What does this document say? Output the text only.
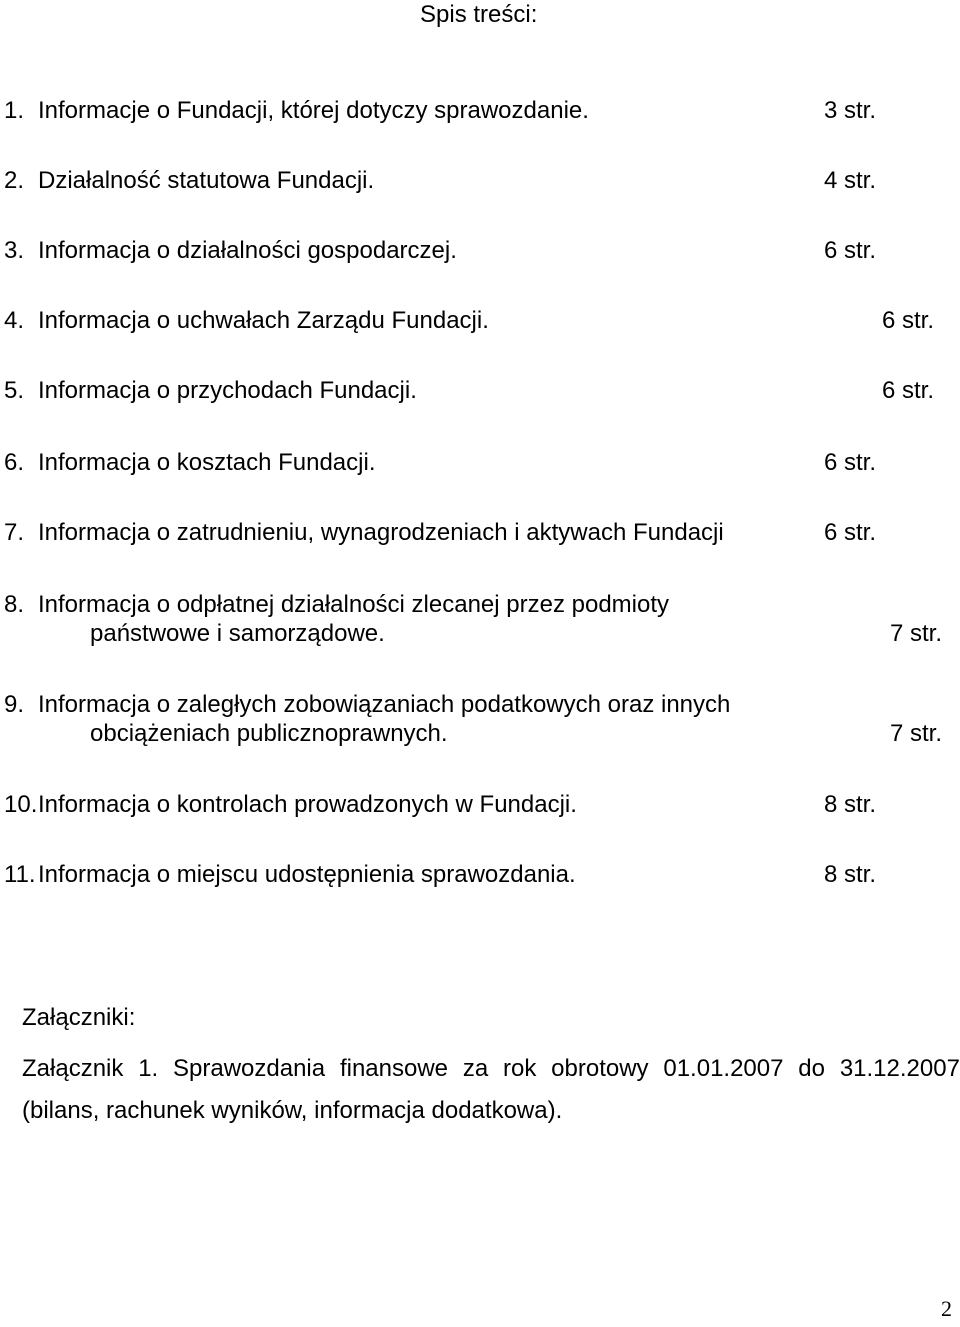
Spis treści:
1. Informacje o Fundacji, której dotyczy sprawozdanie.	3 str.
2. Działalność statutowa Fundacji.	4 str.
3. Informacja o działalności gospodarczej.	6 str.
4. Informacja o uchwałach Zarządu Fundacji.	6 str.
5. Informacja o przychodach Fundacji.	6 str.
6. Informacja o kosztach Fundacji.	6 str.
7. Informacja o zatrudnieniu, wynagrodzeniach i aktywach Fundacji	6 str.
8. Informacja o odpłatnej działalności zlecanej przez podmioty
państwowe i samorządowe.	7 str.
9. Informacja o zaległych zobowiązaniach podatkowych oraz innych
obciążeniach publicznoprawnych.	7 str.
10. Informacja o kontrolach prowadzonych w Fundacji.	8 str.
11. Informacja o miejscu udostępnienia sprawozdania.	8 str.
Załączniki:
Załącznik 1. Sprawozdania finansowe za rok obrotowy 01.01.2007 do 31.12.2007
(bilans, rachunek wyników, informacja dodatkowa).
2
